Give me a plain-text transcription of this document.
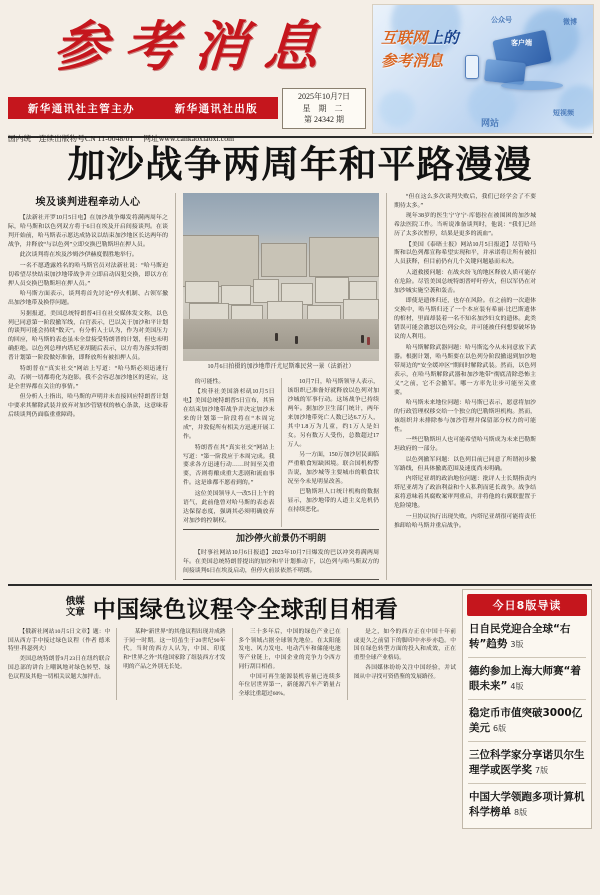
参考消息
新华通讯社主管主办	新华通讯社出版
2025年10月7日
星 期 二
第 24342 期
国内统一连续出版物号CN 11-0048/01 网址www.cankaoxiaoxi.com
互联网上的
参考消息
公众号	微博
客户端
网站
短视频
加沙战争两周年和平路漫漫
埃及谈判进程牵动人心

【法新社开罗10月5日电】在加沙战争爆发将满两周年之际，哈马斯和以色列双方将于6日在埃及开启间接谈判。在谈判开始前，哈马斯表示愿达成协议以结束加沙地区长达两年的战争，并释放“与以色列”立即交换巴勒斯坦在押人员。

此次谈判将在埃及沙姆沙伊赫度假胜地举行。

一名不愿透露姓名的哈马斯官员对法新社说：“哈马斯迫切希望尽快结束加沙地带战争并立即启动囚犯交换，即以方在押人员交换巴勒斯坦在押人员。”

哈马斯方面表示，谈判将首先讨论“停火机制、占领军撤出加沙地带及换俘问题。

另据报道，美国总统特朗普4日在社交媒体发文称，以色列已同意第一阶段撤军线，白宫表示，巴以关于加沙和平计划的谈判可能会持续“数天”。有分析人士认为，作为对美国压力的回应，哈马斯的表态虽未全盘接受特朗普的计划，但也未明确拒绝。以色列总理内塔尼亚胡随后表示，以方将为落实特朗普计划第一阶段做好准备，即释放所有被扣押人员。

特朗普在“真实社交”网站上写道：“哈马斯必须迅速行动，否则一切都将化为泡影。我不会容忍加沙地区的延宕，这是全世界都在关注的事情。”

但分析人士指出，哈马斯的声明并未直接回应特朗普计划中要求其解除武装并放弃对加沙管辖权的核心条款，这意味着后续谈判仍面临重重障碍。

10月6日拍摄的加沙地带汗尤尼斯难民营一景（法新社）

的可能性。

【埃菲社美国洛杉矶10月5日电】美国总统特朗普5日宣布，其旨在结束加沙地带战争并决定加沙未来的计划第一阶段将在“本周完成”，并敦促所有相关方迅速开展工作。

特朗普在其“真实社交”网站上写道：“第一阶段应于本周完成。我要求各方迅速行动……时间至关重要，否则将酿成重大悲剧和流血事件。这是谁都不愿看到的。”

这位美国领导人一改5日上午的语气，此前他曾对哈马斯的表态表达保留态度，强调其必须明确放弃对加沙的控制权。

10月7日，哈马斯领导人表示，该组织已准备好就释放以色列对加沙城的军事行动。这场战争已持续两年。据加沙卫生部门统计，两年来加沙地带死亡人数已达6.7万人，其中1.8万为儿童，约1万人是妇女。另有数万人受伤，总数超过17万人。

另一方面，150万加沙居民面临严重粮食短缺困境。联合国机构警告说，加沙城等主要城市的粮食状况至今未见明显改善。

巴勒斯坦人口统计机构的数据显示，加沙地带的人道主义危机仍在持续恶化。

加沙停火前景仍不明朗

【时事社网站10月6日报道】2023年10月7日爆发的巴以冲突将满两周年。在美国总统特朗普提出的加沙和平计划推动下，以色列与哈马斯双方的间接谈判6日在埃及启动，但停火前景依然不明朗。

“但在这么多次谈判失败后，我们已经学会了不要期待太多。”

现年38岁的医生宁守宁·库德拉在被围困的加沙城希法医院工作。当听说准备谈判时，他说：“我们已经历了太多次暂停，结果是更多的流血”。

【美国《泰晤士报》网站10月5日报道】尽管哈马斯和以色列都宣称希望实现和平，并承诺将让所有被扣人员获释，但目前仍有几个关键问题悬而未决。

人道救援问题：在战火纷飞的地区释放人质可能存在危险。尽管美国总统特朗普呼吁停火，但以军仍在对加沙城实施空袭和轰击。

即使是遗体归还，也存在风险。在之前的一次遗体交换中，哈马斯归还了一个本应装有希丽·比巴斯遗体的棺材，里面却装着一名不知名加沙妇女的遗体。此类错误可能会激怒以色列公众，并可能被任何想要破坏协议的人利用。

哈马斯解除武器问题：哈马斯迄今从未同意放下武器。根据计划，哈马斯要在以色列分阶段撤退到加沙地带周边的“安全缓冲区”期间时解除武装。然而，以色列表示，在哈马斯解除武器和加沙地带“彻底清除恐怖主义”之前，它不会撤军。哪一方率先让步可能至关重要。

哈马斯未来地位问题：哈马斯已表示，愿意将加沙的行政管理权移交给一个独立的巴勒斯坦机构。然而，该组织并未排除参与加沙管理并保留部分权力的可能性。

一些巴勒斯坦人也可能希望哈马斯成为未来巴勒斯坦政府的一部分。

以色列撤军问题：以色列目前已同意了所谓初步撤军路线，但具体撤离范围及速度尚未明确。

内塔尼亚胡的政治地位问题：批评人士长期指责内塔尼亚胡为了政治利益和个人私利而延长战争。战争结束将意味着其腐败案审判重启，并将他的右翼联盟置于危险境地。

一旦协议执行出现失败，内塔尼亚胡很可能将责任推卸给哈马斯并重启战争。

俄媒
文章 中国绿色议程令全球刮目相看

【俄新社网站10月5日文章】题：中国从西方手中接过绿色议程（作者 德米特里·科瑟列夫）

美国总统特朗普9月23日在纽约联合国总部的讲台上嘲讽地对绿色转型、绿色议程及其他一切相关议题大加抨击。

某种“新世界”的其他议程出现并成熟于同一时期。这一切虽生于20世纪90年代。当时的西方人认为，中国、印度和“世界之外”其他国家除了组装西方才发明的产品之外别无长处。

三十多年后，中国的绿色产业已在多个领域占据全球领先地位。在太阳能发电、风力发电、电动汽车和储能电池等产业链上，中国企业的竞争力令西方同行刮目相看。

中国可再生能源装机容量已连续多年位居世界第一，新能源汽车产销量占全球比重超过60%。

是之，如今的西方正在中国十年前或更久之前留下的脚印中亦步亦趋。中国在绿色转型方面的投入和成效，正在重塑全球产业格局。

各国媒体纷纷关注中国经验，并试图从中寻找可资借鉴的发展路径。

今日8版导读
日自民党迎合全球“右转”趋势 3版
德约参加上海大师赛“着眼未来” 4版
稳定币市值突破3000亿美元 6版
三位科学家分享诺贝尔生理学或医学奖 7版
中国大学领跑多项计算机科学榜单 8版
